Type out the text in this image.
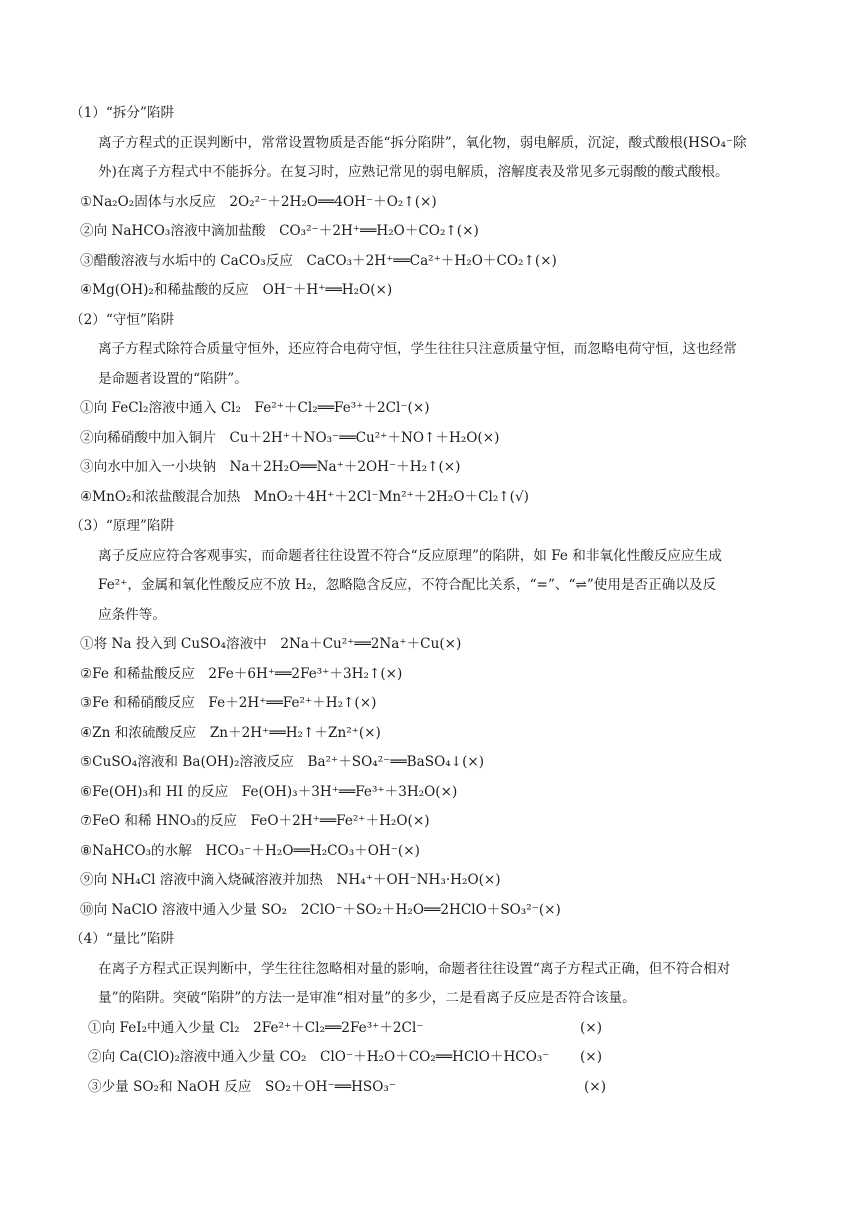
（1）“拆分”陷阱
离子方程式的正误判断中，常常设置物质是否能“拆分陷阱”，氧化物，弱电解质，沉淀，酸式酸根(HSO₄⁻除
外)在离子方程式中不能拆分。在复习时，应熟记常见的弱电解质，溶解度表及常见多元弱酸的酸式酸根。
①Na₂O₂固体与水反应　2O₂²⁻＋2H₂O══4OH⁻＋O₂↑(×)
②向 NaHCO₃溶液中滴加盐酸　CO₃²⁻＋2H⁺══H₂O＋CO₂↑(×)
③醋酸溶液与水垢中的 CaCO₃反应　CaCO₃＋2H⁺══Ca²⁺＋H₂O＋CO₂↑(×)
④Mg(OH)₂和稀盐酸的反应　OH⁻＋H⁺══H₂O(×)
（2）“守恒”陷阱
离子方程式除符合质量守恒外，还应符合电荷守恒，学生往往只注意质量守恒，而忽略电荷守恒，这也经常
是命题者设置的“陷阱”。
①向 FeCl₂溶液中通入 Cl₂　Fe²⁺＋Cl₂══Fe³⁺＋2Cl⁻(×)
②向稀硝酸中加入铜片　Cu＋2H⁺＋NO₃⁻══Cu²⁺＋NO↑＋H₂O(×)
③向水中加入一小块钠　Na＋2H₂O══Na⁺＋2OH⁻＋H₂↑(×)
④MnO₂和浓盐酸混合加热　MnO₂＋4H⁺＋2Cl⁻Mn²⁺＋2H₂O＋Cl₂↑(√)
（3）“原理”陷阱
离子反应应符合客观事实，而命题者往往设置不符合“反应原理”的陷阱，如 Fe 和非氧化性酸反应应生成
Fe²⁺，金属和氧化性酸反应不放 H₂，忽略隐含反应，不符合配比关系，“=”、“⇌”使用是否正确以及反
应条件等。
①将 Na 投入到 CuSO₄溶液中　2Na＋Cu²⁺══2Na⁺＋Cu(×)
②Fe 和稀盐酸反应　2Fe＋6H⁺══2Fe³⁺＋3H₂↑(×)
③Fe 和稀硝酸反应　Fe＋2H⁺══Fe²⁺＋H₂↑(×)
④Zn 和浓硫酸反应　Zn＋2H⁺══H₂↑＋Zn²⁺(×)
⑤CuSO₄溶液和 Ba(OH)₂溶液反应　Ba²⁺＋SO₄²⁻══BaSO₄↓(×)
⑥Fe(OH)₃和 HI 的反应　Fe(OH)₃＋3H⁺══Fe³⁺＋3H₂O(×)
⑦FeO 和稀 HNO₃的反应　FeO＋2H⁺══Fe²⁺＋H₂O(×)
⑧NaHCO₃的水解　HCO₃⁻＋H₂O══H₂CO₃＋OH⁻(×)
⑨向 NH₄Cl 溶液中滴入烧碱溶液并加热　NH₄⁺＋OH⁻NH₃·H₂O(×)
⑩向 NaClO 溶液中通入少量 SO₂　2ClO⁻＋SO₂＋H₂O══2HClO＋SO₃²⁻(×)
（4）“量比”陷阱
在离子方程式正误判断中，学生往往忽略相对量的影响，命题者往往设置“离子方程式正确，但不符合相对
量”的陷阱。突破“陷阱”的方法一是审准“相对量”的多少，二是看离子反应是否符合该量。
①向 FeI₂中通入少量 Cl₂　2Fe²⁺＋Cl₂══2Fe³⁺＋2Cl⁻	(×)
②向 Ca(ClO)₂溶液中通入少量 CO₂　ClO⁻＋H₂O＋CO₂══HClO＋HCO₃⁻ (×)
③少量 SO₂和 NaOH 反应　SO₂＋OH⁻══HSO₃⁻	(×)
